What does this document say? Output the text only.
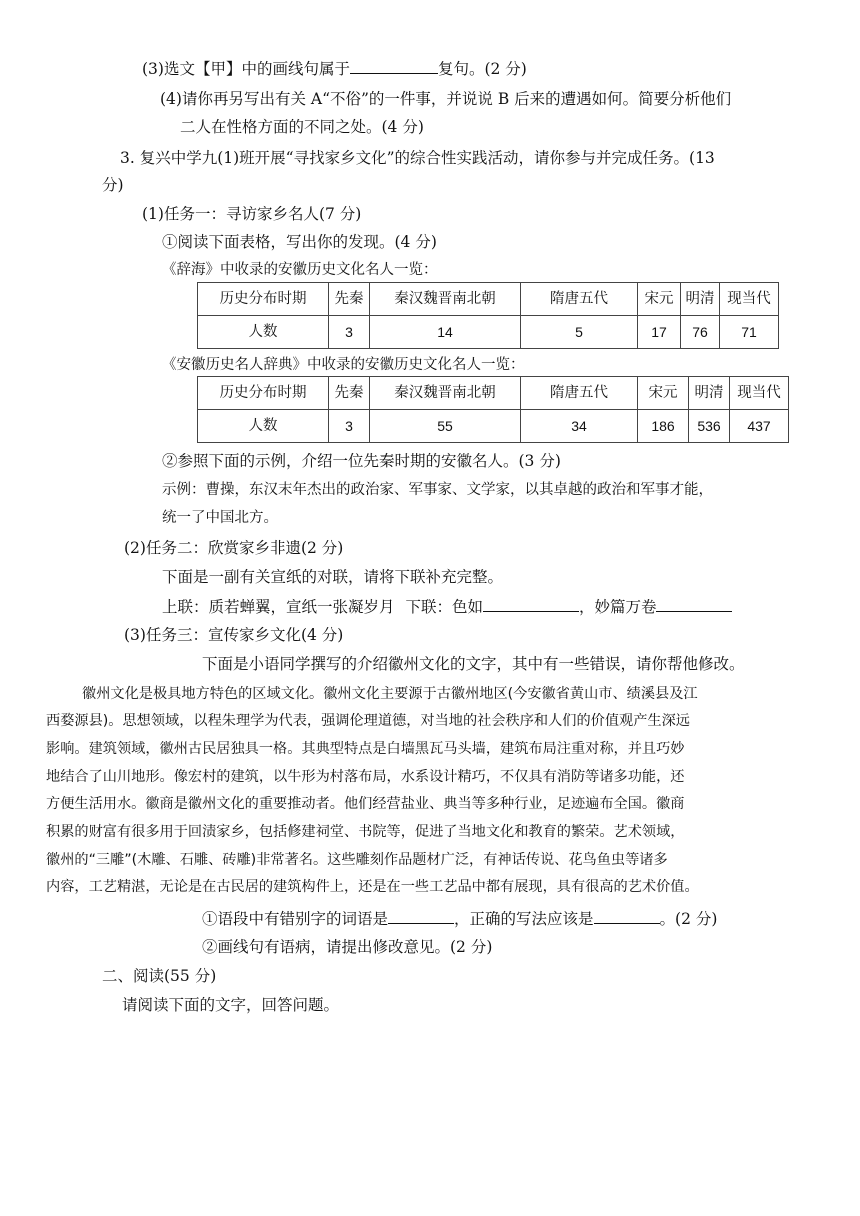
(3)选文【甲】中的画线句属于	复句。(2 分)
(4)请你再另写出有关 A“不俗”的一件事，并说说 B 后来的遭遇如何。简要分析他们
二人在性格方面的不同之处。(4 分)
3. 复兴中学九(1)班开展“寻找家乡文化”的综合性实践活动，请你参与并完成任务。(13
分)
(1)任务一：寻访家乡名人(7 分)
①阅读下面表格，写出你的发现。(4 分)
《辞海》中收录的安徽历史文化名人一览：
历史分布时期	先秦	秦汉魏晋南北朝	隋唐五代	宋元	明清	现当代
人数	3	14	5	17	76	71
《安徽历史名人辞典》中收录的安徽历史文化名人一览：
历史分布时期	先秦	秦汉魏晋南北朝	隋唐五代	宋元	明清	现当代
人数	3	55	34	186	536	437
②参照下面的示例，介绍一位先秦时期的安徽名人。(3 分)
示例：曹操，东汉末年杰出的政治家、军事家、文学家，以其卓越的政治和军事才能，
统一了中国北方。
(2)任务二：欣赏家乡非遗(2 分)
下面是一副有关宣纸的对联，请将下联补充完整。
上联：质若蝉翼，宣纸一张凝岁月 下联：色如	，妙篇万卷
(3)任务三：宣传家乡文化(4 分)
下面是小语同学撰写的介绍徽州文化的文字，其中有一些错误，请你帮他修改。
徽州文化是极具地方特色的区域文化。徽州文化主要源于古徽州地区(今安徽省黄山市、绩溪县及江
西婺源县)。思想领域，以程朱理学为代表，强调伦理道德，对当地的社会秩序和人们的价值观产生深远
影响。建筑领域，徽州古民居独具一格。其典型特点是白墙黑瓦马头墙，建筑布局注重对称，并且巧妙
地结合了山川地形。像宏村的建筑，以牛形为村落布局，水系设计精巧，不仅具有消防等诸多功能，还
方便生活用水。徽商是徽州文化的重要推动者。他们经营盐业、典当等多种行业，足迹遍布全国。徽商
积累的财富有很多用于回渍家乡，包括修建祠堂、书院等，促进了当地文化和教育的繁荣。艺术领域，
徽州的“三雕”(木雕、石雕、砖雕)非常著名。这些雕刻作品题材广泛，有神话传说、花鸟鱼虫等诸多
内容，工艺精湛，无论是在古民居的建筑构件上，还是在一些工艺品中都有展现，具有很高的艺术价值。
①语段中有错别字的词语是	，正确的写法应该是	。(2 分)
②画线句有语病，请提出修改意见。(2 分)
二、阅读(55 分)
请阅读下面的文字，回答问题。
